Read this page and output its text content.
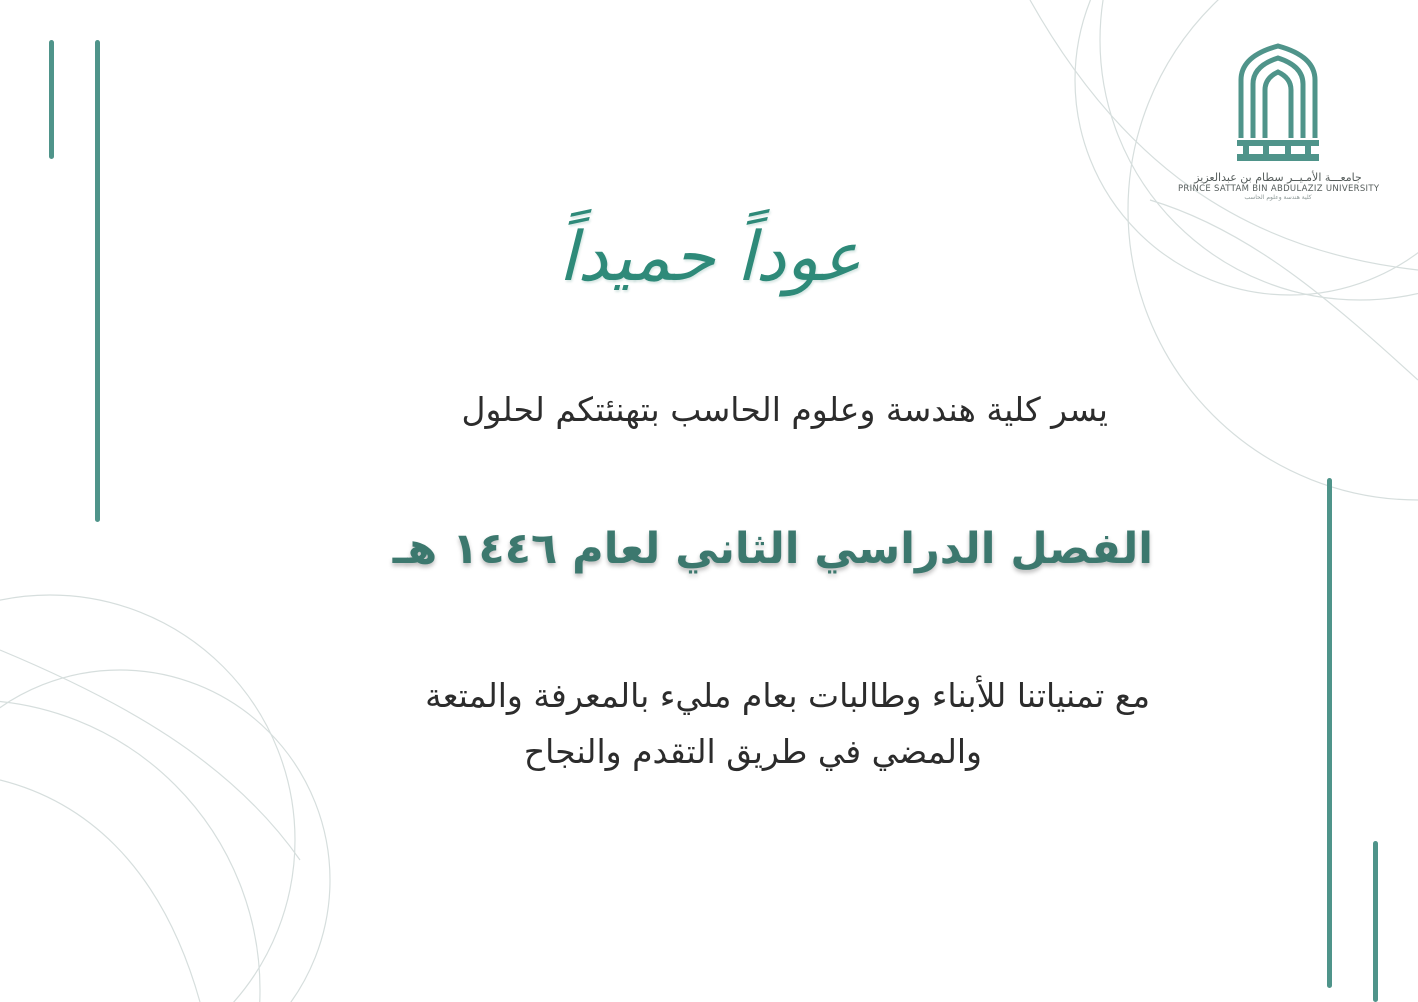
جامعـــة الأمـيــر سطام بن عبدالعزيز
PRINCE SATTAM BIN ABDULAZIZ UNIVERSITY
كلية هندسة وعلوم الحاسب
عوداً حميداً
يسر كلية هندسة وعلوم الحاسب بتهنئتكم لحلول
الفصل الدراسي الثاني لعام ١٤٤٦ هـ
مع تمنياتنا للأبناء وطالبات بعام مليء بالمعرفة والمتعة
والمضي في طريق التقدم والنجاح
